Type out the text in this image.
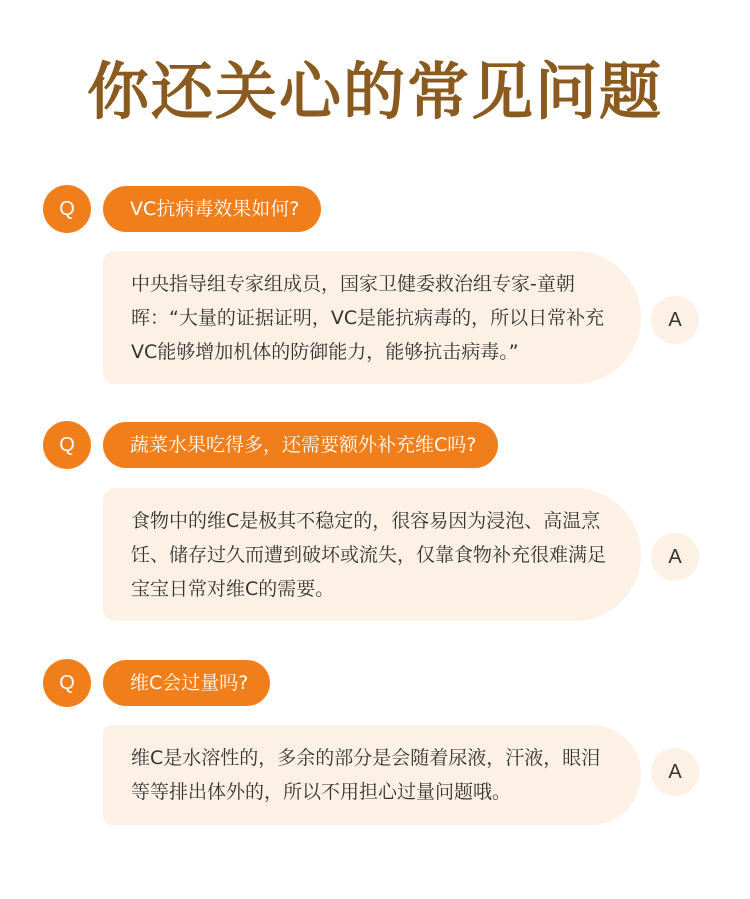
你还关心的常见问题
Q	VC抗病毒效果如何?

中央指导组专家组成员，国家卫健委救治组专家-童朝晖：“大量的证据证明，VC是能抗病毒的，所以日常补充VC能够增加机体的防御能力，能够抗击病毒。”

A
Q	蔬菜水果吃得多，还需要额外补充维C吗?

食物中的维C是极其不稳定的，很容易因为浸泡、高温烹饪、储存过久而遭到破坏或流失，仅靠食物补充很难满足宝宝日常对维C的需要。

A
Q	维C会过量吗?

维C是水溶性的，多余的部分是会随着尿液，汗液，眼泪等等排出体外的，所以不用担心过量问题哦。

A
